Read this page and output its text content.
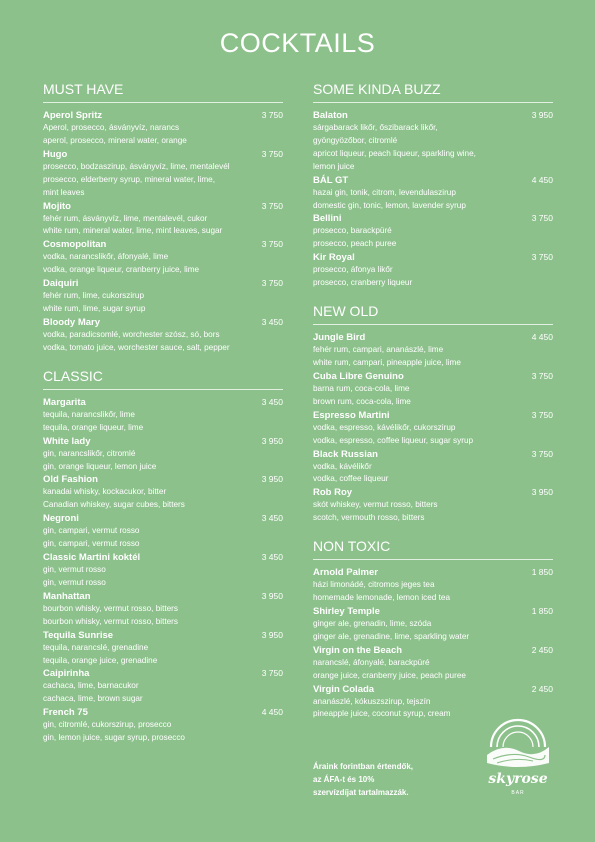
COCKTAILS
MUST HAVE
Aperol Spritz	3 750
Aperol, prosecco, ásványvíz, narancs
aperol, prosecco, mineral water, orange
Hugo	3 750
prosecco, bodzaszirup, ásványvíz, lime, mentalevél
prosecco, elderberry syrup, mineral water, lime,
mint leaves
Mojito	3 750
fehér rum, ásványvíz, lime, mentalevél, cukor
white rum, mineral water, lime, mint leaves, sugar
Cosmopolitan	3 750
vodka, narancslikőr, áfonyalé, lime
vodka, orange liqueur, cranberry juice, lime
Daiquiri	3 750
fehér rum, lime, cukorszirup
white rum, lime, sugar syrup
Bloody Mary	3 450
vodka, paradicsomlé, worchester szósz, só, bors
vodka, tomato juice, worchester sauce, salt, pepper
CLASSIC
Margarita	3 450
tequila, narancslikőr, lime
tequila, orange liqueur, lime
White lady	3 950
gin, narancslikőr, citromlé
gin, orange liqueur, lemon juice
Old Fashion	3 950
kanadai whisky, kockacukor, bitter
Canadian whiskey, sugar cubes, bitters
Negroni	3 450
gin, campari, vermut rosso
gin, campari, vermut rosso
Classic Martini koktél	3 450
gin, vermut rosso
gin, vermut rosso
Manhattan	3 950
bourbon whisky, vermut rosso, bitters
bourbon whisky, vermut rosso, bitters
Tequila Sunrise	3 950
tequila, narancslé, grenadine
tequila, orange juice, grenadine
Caipirinha	3 750
cachaca, lime, barnacukor
cachaca, lime, brown sugar
French 75	4 450
gin, citromlé, cukorszirup, prosecco
gin, lemon juice, sugar syrup, prosecco
SOME KINDA BUZZ
Balaton	3 950
sárgabarack likőr, őszibarack likőr,
gyöngyözőbor, citromlé
apricot liqueur, peach liqueur, sparkling wine,
lemon juice
BÁL GT	4 450
hazai gin, tonik, citrom, levendulaszirup
domestic gin, tonic, lemon, lavender syrup
Bellini	3 750
prosecco, barackpüré
prosecco, peach puree
Kir Royal	3 750
prosecco, áfonya likőr
prosecco, cranberry liqueur
NEW OLD
Jungle Bird	4 450
fehér rum, campari, ananászlé, lime
white rum, campari, pineapple juice, lime
Cuba Libre Genuino	3 750
barna rum, coca-cola, lime
brown rum, coca-cola, lime
Espresso Martini	3 750
vodka, espresso, kávélikőr, cukorszirup
vodka, espresso, coffee liqueur, sugar syrup
Black Russian	3 750
vodka, kávélikőr
vodka, coffee liqueur
Rob Roy	3 950
skót whiskey, vermut rosso, bitters
scotch, vermouth rosso, bitters
NON TOXIC
Arnold Palmer	1 850
házi limonádé, citromos jeges tea
homemade lemonade, lemon iced tea
Shirley Temple	1 850
ginger ale, grenadin, lime, szóda
ginger ale, grenadine, lime, sparkling water
Virgin on the Beach	2 450
narancslé, áfonyalé, barackpüré
orange juice, cranberry juice, peach puree
Virgin Colada	2 450
ananászlé, kókuszszirup, tejszín
pineapple juice, coconut syrup, cream
Áraink forintban értendők,
az ÁFA-t és 10%
szervízdíjat tartalmazzák.
skyrose
BAR
